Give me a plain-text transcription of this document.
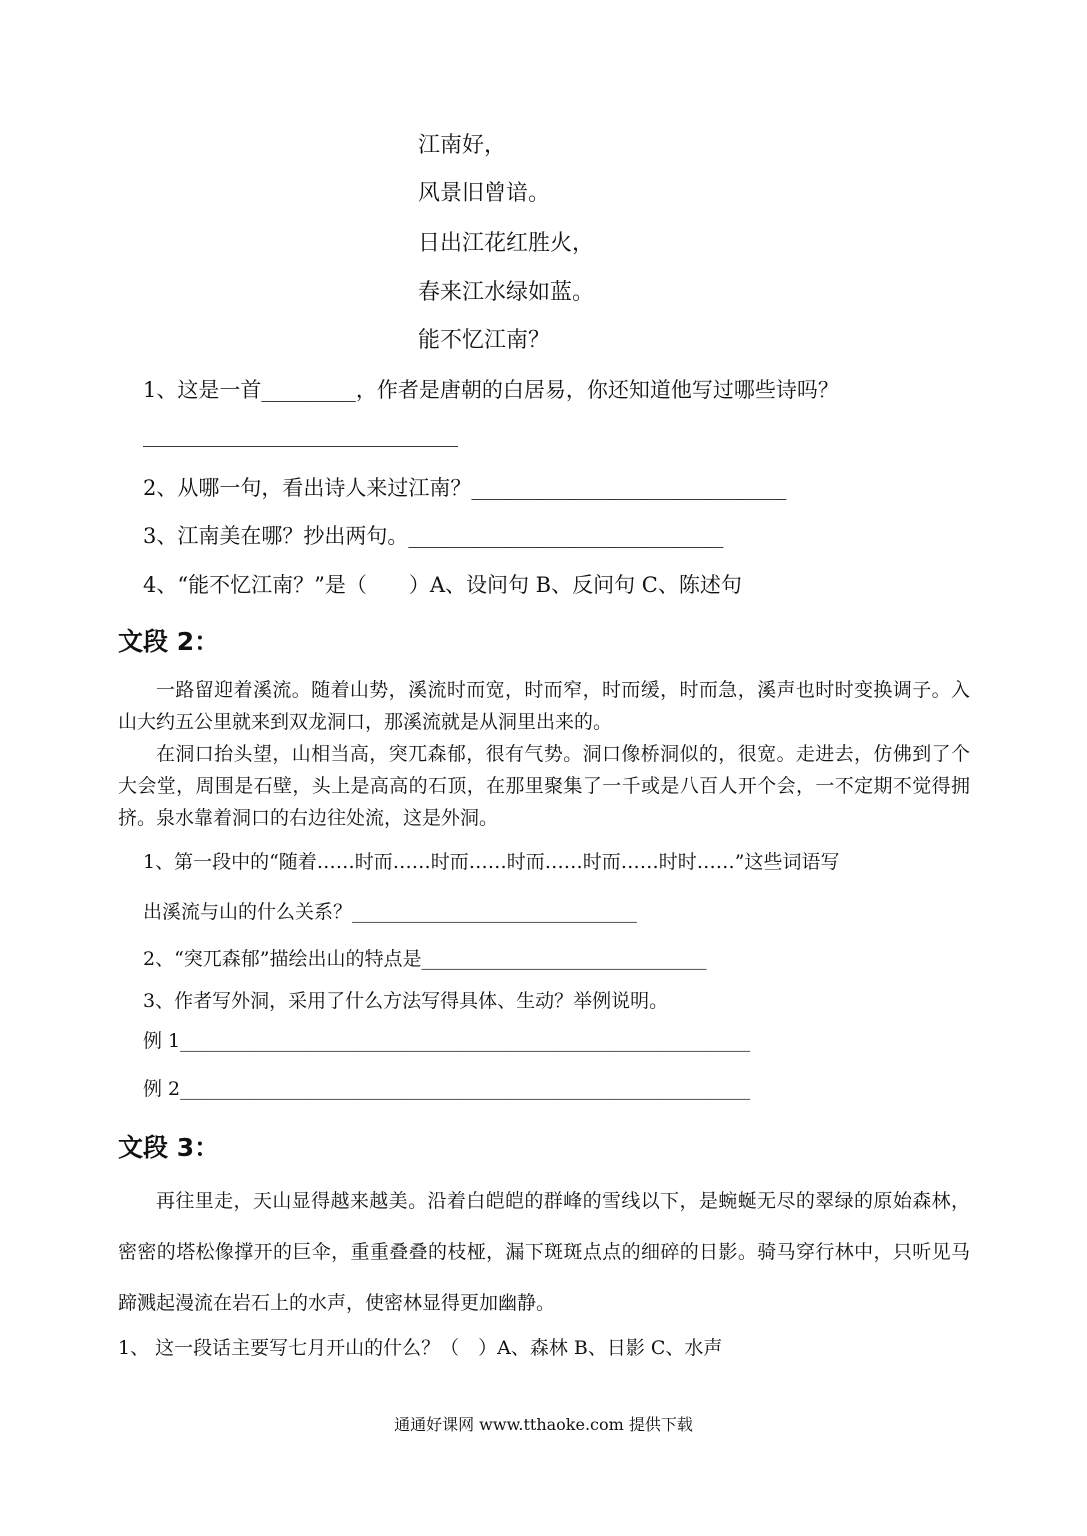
江南好，
风景旧曾谙。
日出江花红胜火，
春来江水绿如蓝。
能不忆江南？
1、这是一首_________，作者是唐朝的白居易，你还知道他写过哪些诗吗？
______________________________
2、从哪一句，看出诗人来过江南？______________________________
3、江南美在哪？抄出两句。______________________________
4、“能不忆江南？”是（　　）A、设问句 B、反问句 C、陈述句
文段 2：

一路留迎着溪流。随着山势，溪流时而宽，时而窄，时而缓，时而急，溪声也时时变换调子。入山大约五公里就来到双龙洞口，那溪流就是从洞里出来的。

在洞口抬头望，山相当高，突兀森郁，很有气势。洞口像桥洞似的，很宽。走进去，仿佛到了个大会堂，周围是石壁，头上是高高的石顶，在那里聚集了一千或是八百人开个会，一不定期不觉得拥挤。泉水靠着洞口的右边往处流，这是外洞。

1、第一段中的“随着……时而……时而……时而……时而……时时……”这些词语写
出溪流与山的什么关系？______________________________
2、“突兀森郁”描绘出山的特点是______________________________
3、作者写外洞，采用了什么方法写得具体、生动？举例说明。
例 1____________________________________________________________
例 2____________________________________________________________
文段 3：

再往里走，天山显得越来越美。沿着白皑皑的群峰的雪线以下，是蜿蜒无尽的翠绿的原始森林，密密的塔松像撑开的巨伞，重重叠叠的枝桠，漏下斑斑点点的细碎的日影。骑马穿行林中，只听见马蹄溅起漫流在岩石上的水声，使密林显得更加幽静。

1、 这一段话主要写七月开山的什么？（　）A、森林 B、日影 C、水声
通通好课网 www.tthaoke.com 提供下载
